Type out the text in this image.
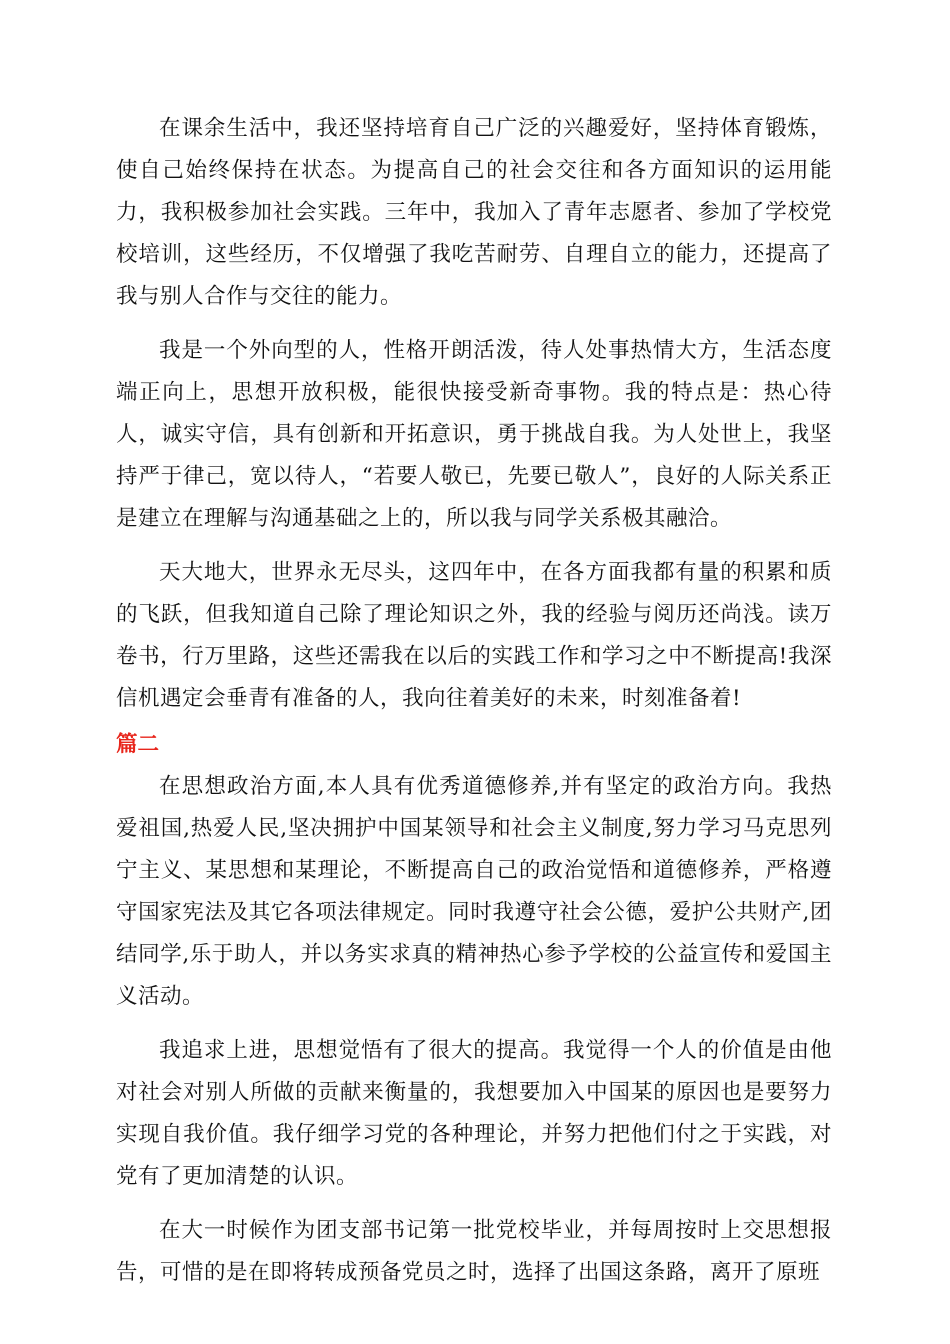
在课余生活中，我还坚持培育自己广泛的兴趣爱好，坚持体育锻炼，使自己始终保持在状态。为提高自己的社会交往和各方面知识的运用能力，我积极参加社会实践。三年中，我加入了青年志愿者、参加了学校党校培训，这些经历，不仅增强了我吃苦耐劳、自理自立的能力，还提高了我与别人合作与交往的能力。

我是一个外向型的人，性格开朗活泼，待人处事热情大方，生活态度端正向上，思想开放积极，能很快接受新奇事物。我的特点是：热心待人，诚实守信，具有创新和开拓意识，勇于挑战自我。为人处世上，我坚持严于律己，宽以待人，“若要人敬已，先要已敬人”，良好的人际关系正是建立在理解与沟通基础之上的，所以我与同学关系极其融洽。

天大地大，世界永无尽头，这四年中，在各方面我都有量的积累和质的飞跃，但我知道自己除了理论知识之外，我的经验与阅历还尚浅。读万卷书，行万里路，这些还需我在以后的实践工作和学习之中不断提高!我深信机遇定会垂青有准备的人，我向往着美好的未来，时刻准备着!

篇二

在思想政治方面,本人具有优秀道德修养,并有坚定的政治方向。我热爱祖国,热爱人民,坚决拥护中国某领导和社会主义制度,努力学习马克思列宁主义、某思想和某理论，不断提高自己的政治觉悟和道德修养，严格遵守国家宪法及其它各项法律规定。同时我遵守社会公德，爱护公共财产,团结同学,乐于助人，并以务实求真的精神热心参予学校的公益宣传和爱国主义活动。

我追求上进，思想觉悟有了很大的提高。我觉得一个人的价值是由他对社会对别人所做的贡献来衡量的，我想要加入中国某的原因也是要努力实现自我价值。我仔细学习党的各种理论，并努力把他们付之于实践，对党有了更加清楚的认识。

在大一时候作为团支部书记第一批党校毕业，并每周按时上交思想报告，可惜的是在即将转成预备党员之时，选择了出国这条路，离开了原班
